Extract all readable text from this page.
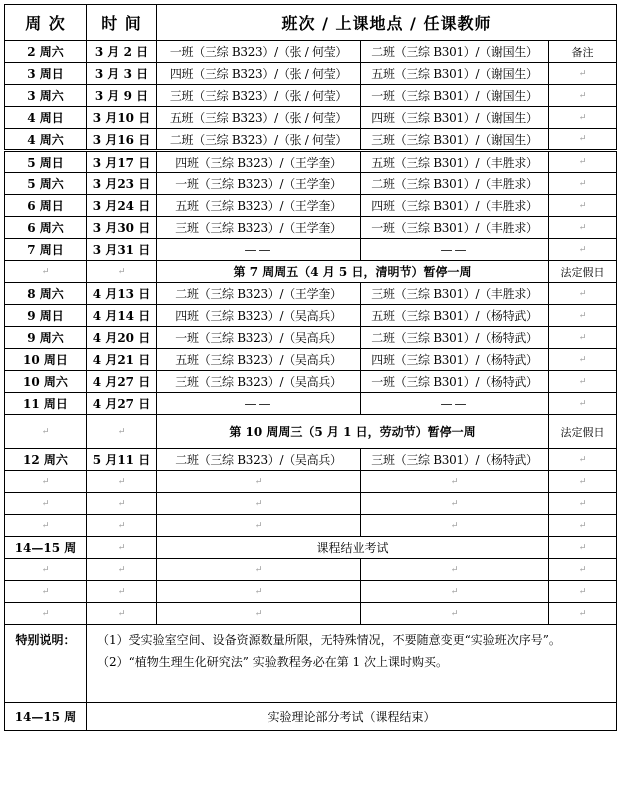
周 次	时 间	班次 / 上课地点 / 任课教师		
2 周六	3 月 2 日	一班（三综 B323）/（张 / 何莹）	二班（三综 B301）/（谢国生）	备注
3 周日	3 月 3 日	四班（三综 B323）/（张 / 何莹）	五班（三综 B301）/（谢国生）	↵
3 周六	3 月 9 日	三班（三综 B323）/（张 / 何莹）	一班（三综 B301）/（谢国生）	↵
4 周日	3 月10 日	五班（三综 B323）/（张 / 何莹）	四班（三综 B301）/（谢国生）	↵
4 周六	3 月16 日	二班（三综 B323）/（张 / 何莹）	三班（三综 B301）/（谢国生）	↵
5 周日	3 月17 日	四班（三综 B323）/（王学奎）	五班（三综 B301）/（丰胜求）	↵
5 周六	3 月23 日	一班（三综 B323）/（王学奎）	二班（三综 B301）/（丰胜求）	↵
6 周日	3 月24 日	五班（三综 B323）/（王学奎）	四班（三综 B301）/（丰胜求）	↵
6 周六	3 月30 日	三班（三综 B323）/（王学奎）	一班（三综 B301）/（丰胜求）	↵
7 周日	3 月31 日	——	——	↵
↵	↵	第 7 周周五（4 月 5 日，清明节）暂停一周		法定假日
8 周六	4 月13 日	二班（三综 B323）/（王学奎）	三班（三综 B301）/（丰胜求）	↵
9 周日	4 月14 日	四班（三综 B323）/（吴高兵）	五班（三综 B301）/（杨特武）	↵
9 周六	4 月20 日	一班（三综 B323）/（吴高兵）	二班（三综 B301）/（杨特武）	↵
10 周日	4 月21 日	五班（三综 B323）/（吴高兵）	四班（三综 B301）/（杨特武）	↵
10 周六	4 月27 日	三班（三综 B323）/（吴高兵）	一班（三综 B301）/（杨特武）	↵
11 周日	4 月27 日	——	——	↵
↵	↵	第 10 周周三（5 月 1 日，劳动节）暂停一周		法定假日
12 周六	5 月11 日	二班（三综 B323）/（吴高兵）	三班（三综 B301）/（杨特武）	↵
↵	↵	↵	↵	↵
↵	↵	↵	↵	↵
↵	↵	↵	↵	↵
14—15 周	↵	课程结业考试		↵
↵	↵	↵	↵	↵
↵	↵	↵	↵	↵
↵	↵	↵	↵	↵
特别说明：	（1）受实验室空间、设备资源数量所限，无特殊情况，不要随意变更“实验班次序号”。
（2）“植物生理生化研究法” 实验教程务必在第 1 次上课时购买。			

14—15 周	实验理论部分考试（课程结束）			
